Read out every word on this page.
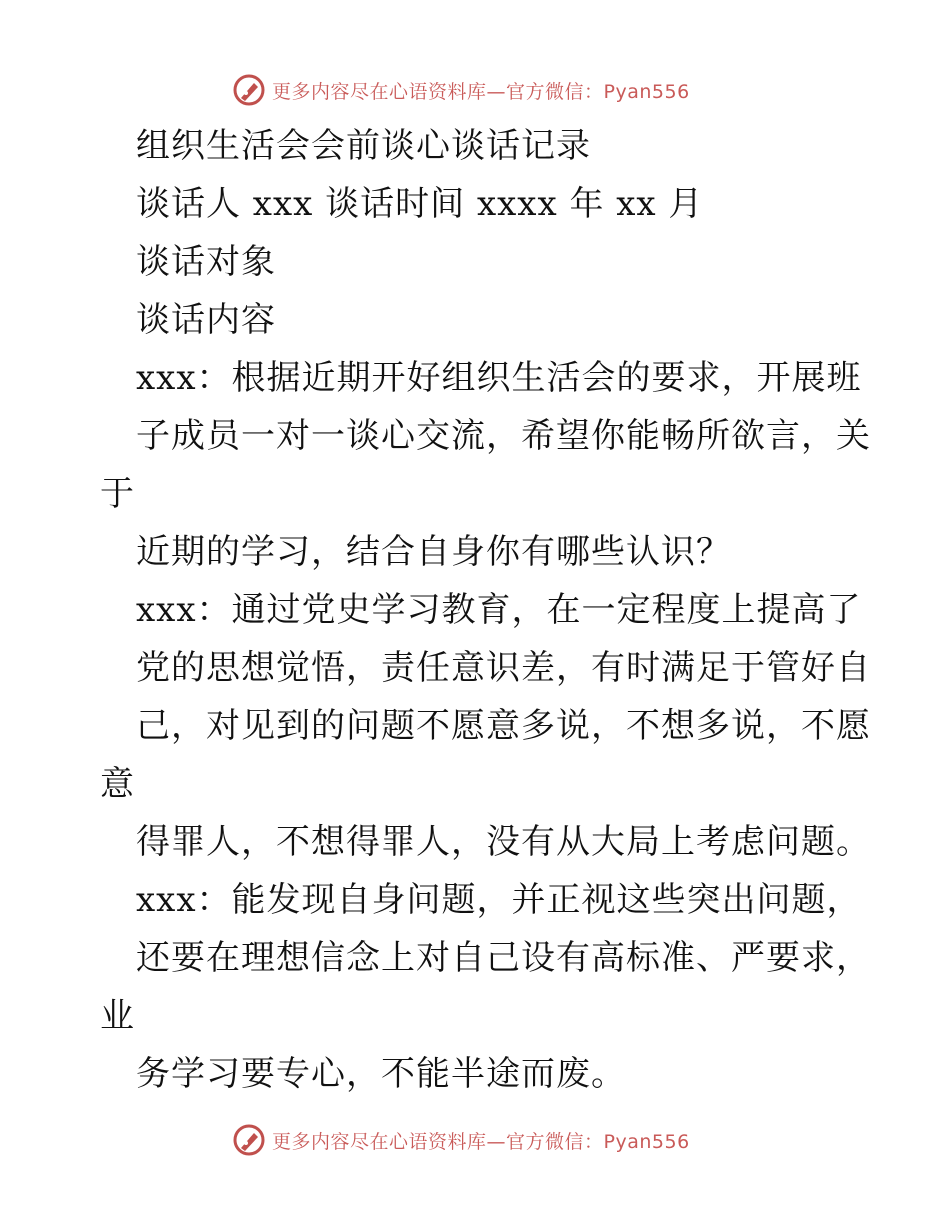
更多内容尽在心语资料库—官方微信：Pyan556
组织生活会会前谈心谈话记录
谈话人 xxx 谈话时间 xxxx 年 xx 月
谈话对象
谈话内容
xxx：根据近期开好组织生活会的要求，开展班
子成员一对一谈心交流，希望你能畅所欲言，关
于
近期的学习，结合自身你有哪些认识？
xxx：通过党史学习教育，在一定程度上提高了
党的思想觉悟，责任意识差，有时满足于管好自
己，对见到的问题不愿意多说，不想多说，不愿
意
得罪人，不想得罪人，没有从大局上考虑问题。
xxx：能发现自身问题，并正视这些突出问题，
还要在理想信念上对自己设有高标准、严要求，
业
务学习要专心，不能半途而废。
更多内容尽在心语资料库—官方微信：Pyan556
